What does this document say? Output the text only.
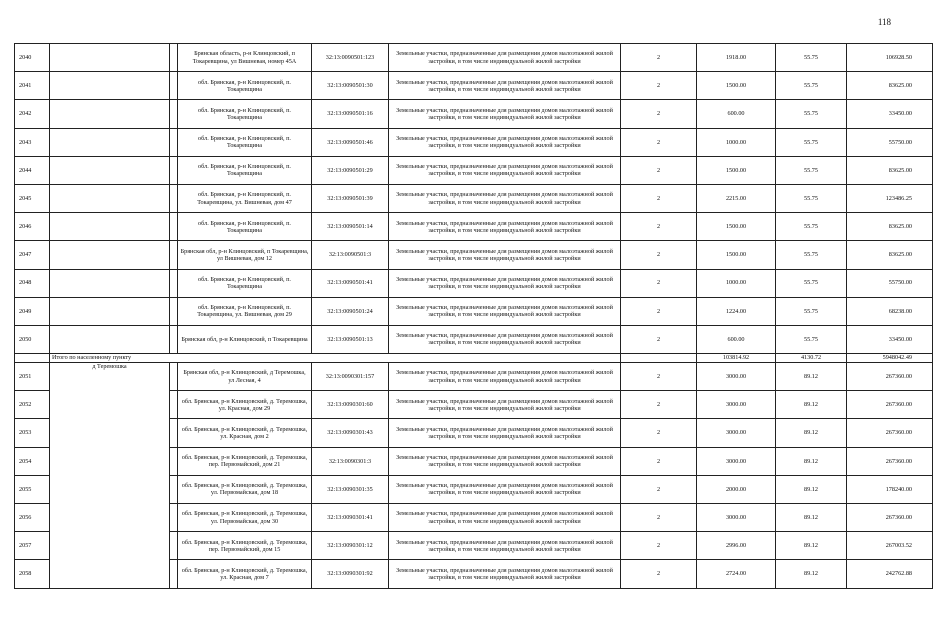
118
2040			Брянская область, р-н Клинцовский, п Токаревщина, ул Вишневая, номер 45А	32:13:0090501:123	Земельные участки, предназначенные для размещения домов малоэтажной жилой застройки, в том числе индивидуальной жилой застройки	2	1918.00	55.75	106928.50
2041			обл. Брянская, р-н Клинцовский, п. Токаревщина	32:13:0090501:30	Земельные участки, предназначенные для размещения домов малоэтажной жилой застройки, в том числе индивидуальной жилой застройки	2	1500.00	55.75	83625.00
2042			обл. Брянская, р-н Клинцовский, п. Токаревщина	32:13:0090501:16	Земельные участки, предназначенные для размещения домов малоэтажной жилой застройки, в том числе индивидуальной жилой застройки	2	600.00	55.75	33450.00
2043			обл. Брянская, р-н Клинцовский, п. Токаревщина	32:13:0090501:46	Земельные участки, предназначенные для размещения домов малоэтажной жилой застройки, в том числе индивидуальной жилой застройки	2	1000.00	55.75	55750.00
2044			обл. Брянская, р-н Клинцовский, п. Токаревщина	32:13:0090501:29	Земельные участки, предназначенные для размещения домов малоэтажной жилой застройки, в том числе индивидуальной жилой застройки	2	1500.00	55.75	83625.00
2045			обл. Брянская, р-н Клинцовский, п. Токаревщина, ул. Вишневая, дом 47	32:13:0090501:39	Земельные участки, предназначенные для размещения домов малоэтажной жилой застройки, в том числе индивидуальной жилой застройки	2	2215.00	55.75	123486.25
2046			обл. Брянская, р-н Клинцовский, п. Токаревщина	32:13:0090501:14	Земельные участки, предназначенные для размещения домов малоэтажной жилой застройки, в том числе индивидуальной жилой застройки	2	1500.00	55.75	83625.00
2047			Брянская обл, р-н Клинцовский, п Токаревщина, ул Вишневая, дом 12	32:13:0090501:3	Земельные участки, предназначенные для размещения домов малоэтажной жилой застройки, в том числе индивидуальной жилой застройки	2	1500.00	55.75	83625.00
2048			обл. Брянская, р-н Клинцовский, п. Токаревщина	32:13:0090501:41	Земельные участки, предназначенные для размещения домов малоэтажной жилой застройки, в том числе индивидуальной жилой застройки	2	1000.00	55.75	55750.00
2049			обл. Брянская, р-н Клинцовский, п. Токаревщина, ул. Вишневая, дом 29	32:13:0090501:24	Земельные участки, предназначенные для размещения домов малоэтажной жилой застройки, в том числе индивидуальной жилой застройки	2	1224.00	55.75	68238.00
2050			Брянская обл, р-н Клинцовский, п Токаревщина	32:13:0090501:13	Земельные участки, предназначенные для размещения домов малоэтажной жилой застройки, в том числе индивидуальной жилой застройки	2	600.00	55.75	33450.00
	Итого по населенному пункту						103814.92	4130.72	5948042.49
2051	д Теремошка		Брянская обл, р-н Клинцовский, д Теремошка, ул Лесная, 4	32:13:0090301:157	Земельные участки, предназначенные для размещения домов малоэтажной жилой застройки, в том числе индивидуальной жилой застройки	2	3000.00	89.12	267360.00
2052			обл. Брянская, р-н Клинцовский, д. Теремошка, ул. Красная, дом 29	32:13:0090301:60	Земельные участки, предназначенные для размещения домов малоэтажной жилой застройки, в том числе индивидуальной жилой застройки	2	3000.00	89.12	267360.00
2053			обл. Брянская, р-н Клинцовский, д. Теремошка, ул. Красная, дом 2	32:13:0090301:43	Земельные участки, предназначенные для размещения домов малоэтажной жилой застройки, в том числе индивидуальной жилой застройки	2	3000.00	89.12	267360.00
2054			обл. Брянская, р-н Клинцовский, д. Теремошка, пер. Первомайский, дом 21	32:13:0090301:3	Земельные участки, предназначенные для размещения домов малоэтажной жилой застройки, в том числе индивидуальной жилой застройки	2	3000.00	89.12	267360.00
2055			обл. Брянская, р-н Клинцовский, д. Теремошка, ул. Первомайская, дом 18	32:13:0090301:35	Земельные участки, предназначенные для размещения домов малоэтажной жилой застройки, в том числе индивидуальной жилой застройки	2	2000.00	89.12	178240.00
2056			обл. Брянская, р-н Клинцовский, д. Теремошка, ул. Первомайская, дом 30	32:13:0090301:41	Земельные участки, предназначенные для размещения домов малоэтажной жилой застройки, в том числе индивидуальной жилой застройки	2	3000.00	89.12	267360.00
2057			обл. Брянская, р-н Клинцовский, д. Теремошка, пер. Первомайский, дом 15	32:13:0090301:12	Земельные участки, предназначенные для размещения домов малоэтажной жилой застройки, в том числе индивидуальной жилой застройки	2	2996.00	89.12	267003.52
2058			обл. Брянская, р-н Клинцовский, д. Теремошка, ул. Красная, дом 7	32:13:0090301:92	Земельные участки, предназначенные для размещения домов малоэтажной жилой застройки, в том числе индивидуальной жилой застройки	2	2724.00	89.12	242762.88
